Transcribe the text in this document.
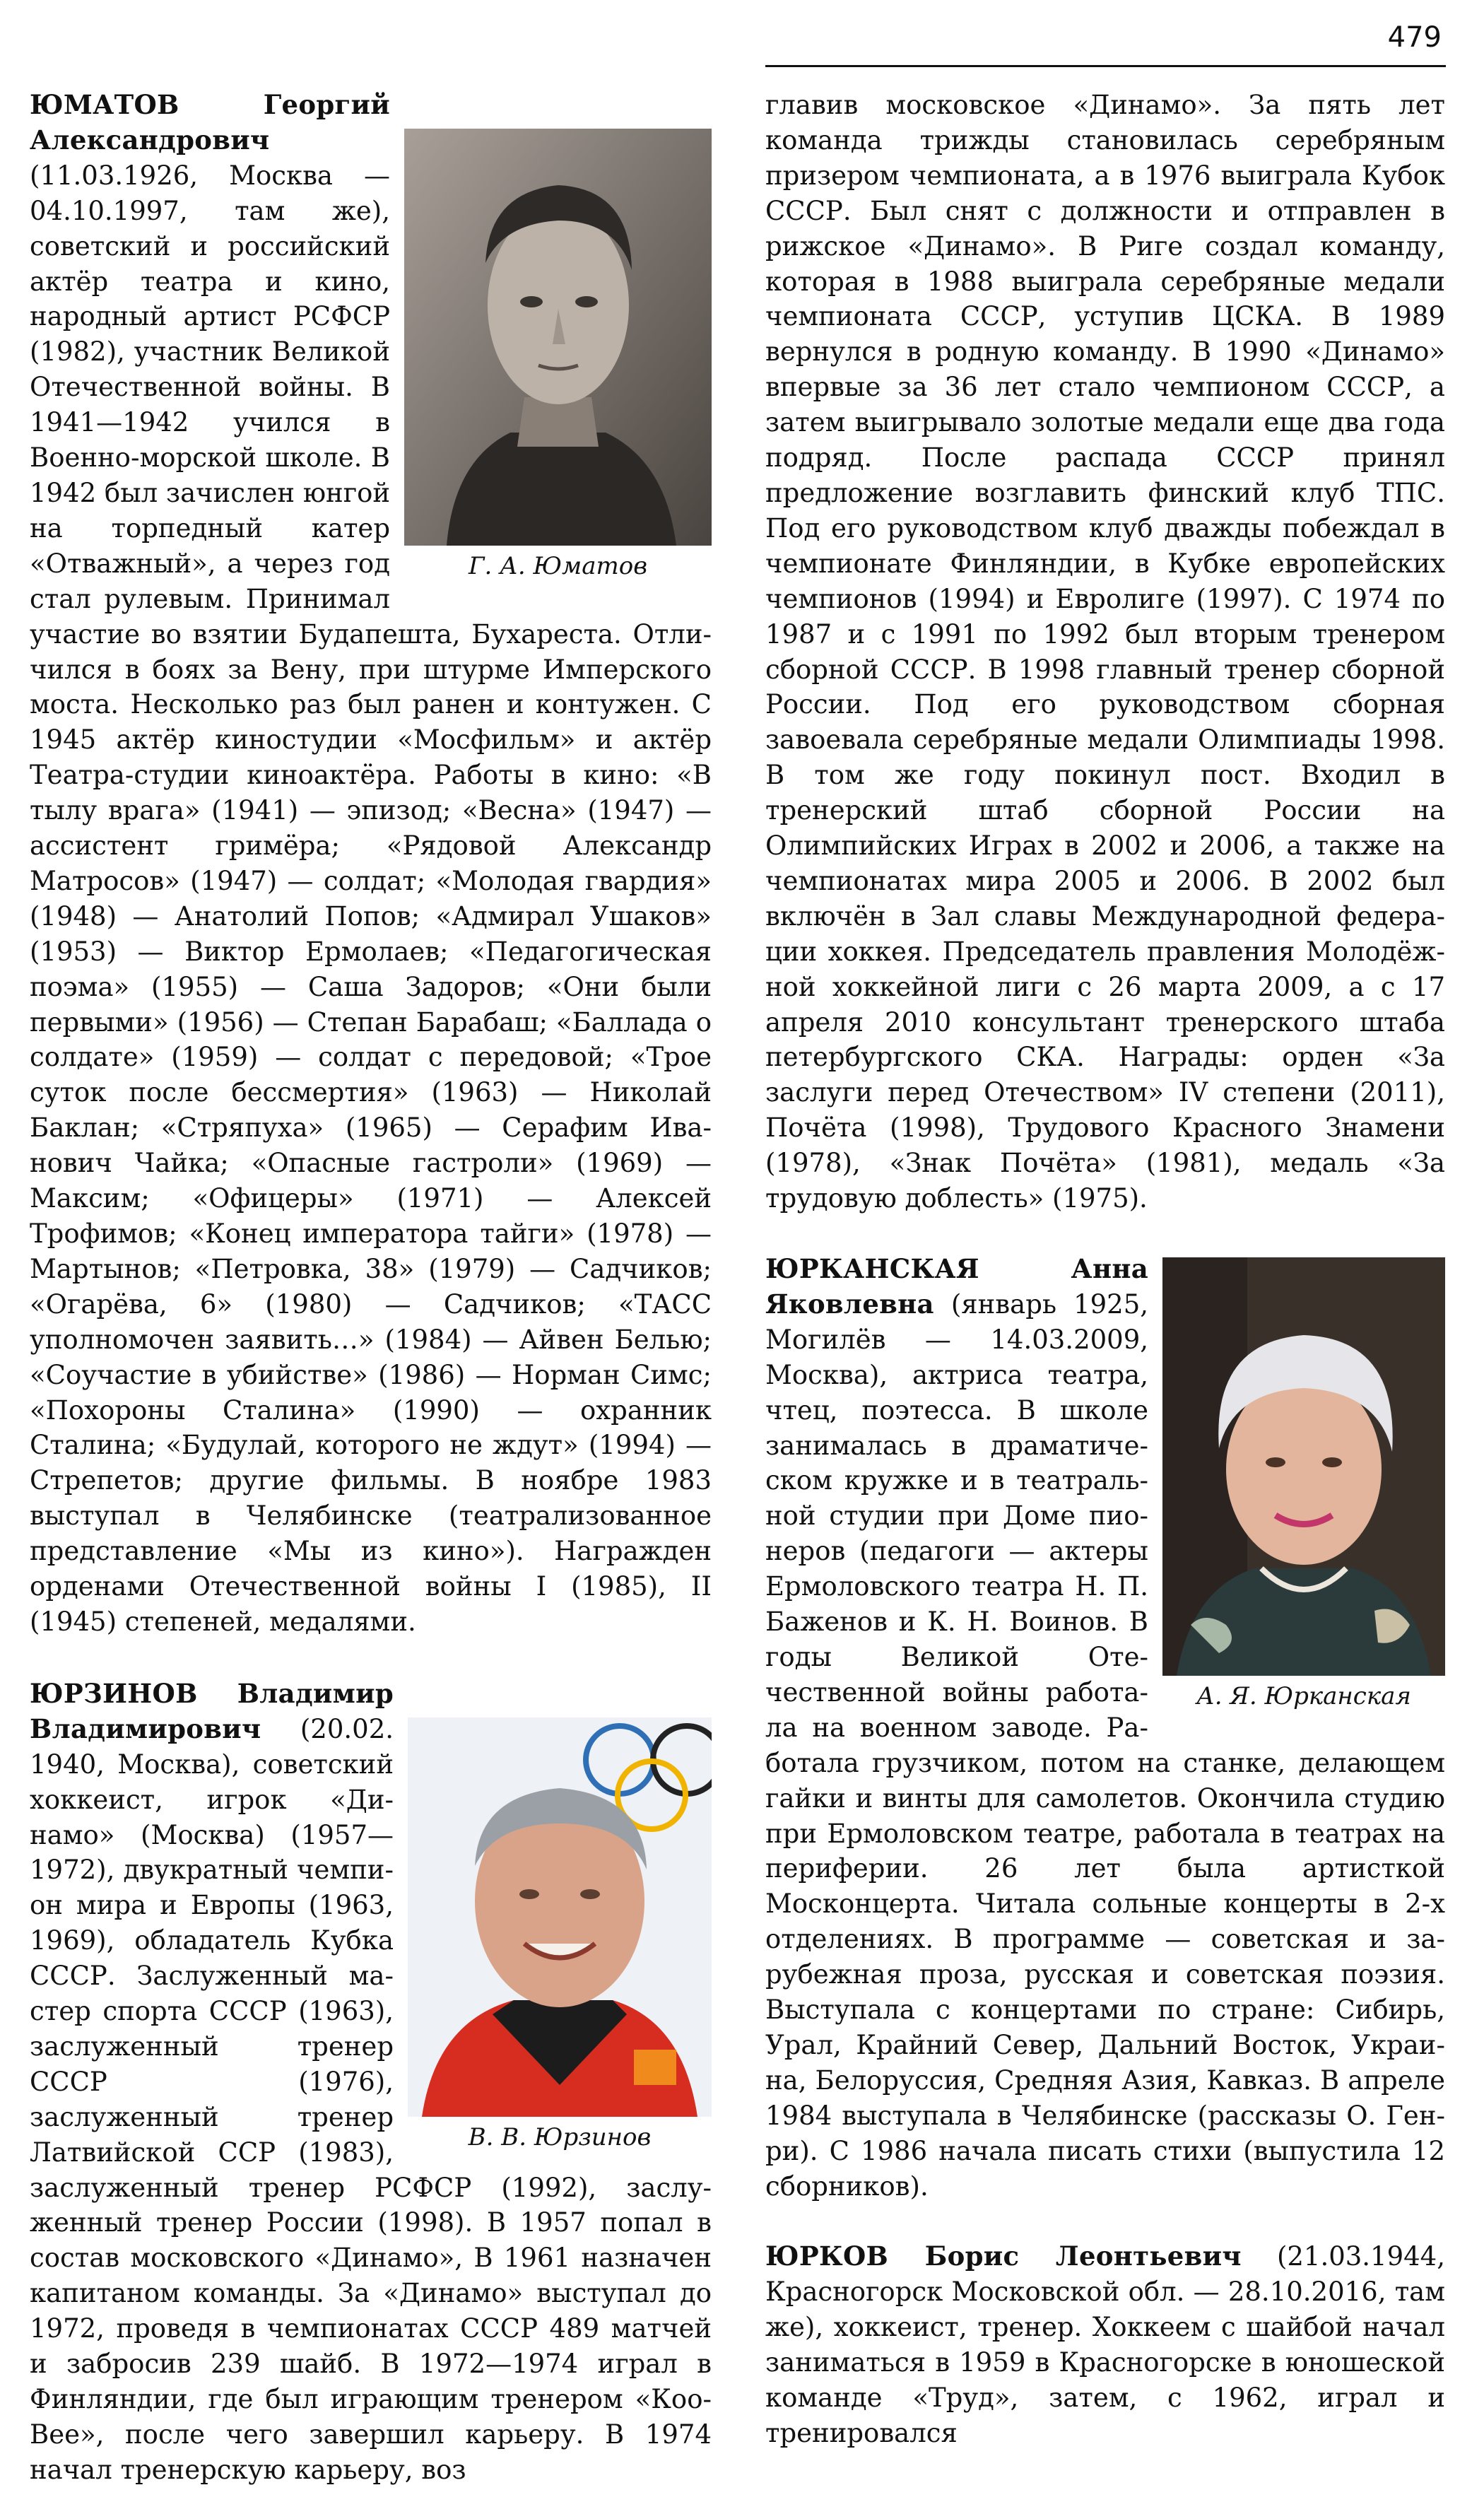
479

Г. А. Юматов
ЮМАТОВ Георгий Александрович (11.03.1926, Москва — 04.10.1997, там же), советский и российский актёр театра и кино, народный артист РСФСР (1982), участник Великой Отечественной войны. В 1941—1942 учился в Военно-морской школе. В 1942 был зачислен юнгой на торпедный катер «Отважный», а через год стал рулевым. Принимал участие во взятии Будапешта, Бухареста. Отличился в боях за Вену, при штурме Имперского моста. Несколько раз был ранен и контужен. С 1945 актёр киностудии «Мосфильм» и актёр Театра-студии киноактёра. Работы в кино: «В тылу врага» (1941) — эпизод; «Весна» (1947) — ассистент гримёра; «Рядовой Александр Матросов» (1947) — солдат; «Молодая гвардия» (1948) — Анатолий Попов; «Адмирал Ушаков» (1953) — Виктор Ермолаев; «Педагогическая поэма» (1955) — Саша Задоров; «Они были первыми» (1956) — Степан Барабаш; «Баллада о солдате» (1959) — солдат с передовой; «Трое суток после бессмертия» (1963) — Николай Баклан; «Стряпуха» (1965) — Серафим Иванович Чайка; «Опасные гастроли» (1969) — Максим; «Офицеры» (1971) — Алексей Трофимов; «Конец императора тайги» (1978) — Мартынов; «Петровка, 38» (1979) — Садчиков; «Огарёва, 6» (1980) — Садчиков; «ТАСС уполномочен заявить…» (1984) — Айвен Белью; «Соучастие в убийстве» (1986) — Норман Симс; «Похороны Сталина» (1990) — охранник Сталина; «Будулай, которого не ждут» (1994) — Стрепетов; другие фильмы. В ноябре 1983 выступал в Челябинске (театрализованное представление «Мы из кино»). Награжден орденами Отечественной войны I (1985), II (1945) степеней, медалями.

В. В. Юрзинов
ЮРЗИНОВ Владимир Владимирович (20.02. 1940, Москва), советский хоккеист, игрок «Динамо» (Москва) (1957—1972), двукратный чемпион мира и Европы (1963, 1969), обладатель Кубка СССР. Заслуженный мастер спорта СССР (1963), заслуженный тренер СССР (1976), заслуженный тренер Латвийской ССР (1983), заслуженный тренер РСФСР (1992), заслуженный тренер России (1998). В 1957 попал в состав московского «Динамо», В 1961 назначен капитаном команды. За «Динамо» выступал до 1972, проведя в чемпионатах СССР 489 матчей и забросив 239 шайб. В 1972—1974 играл в Финляндии, где был играющим тренером «Коо-Вее», после чего завершил карьеру. В 1974 начал тренерскую карьеру, воз

главив московское «Динамо». За пять лет команда трижды становилась серебряным призером чемпионата, а в 1976 выиграла Кубок СССР. Был снят с должности и отправлен в рижское «Динамо». В Риге создал команду, которая в 1988 выиграла серебряные медали чемпионата СССР, уступив ЦСКА. В 1989 вернулся в родную команду. В 1990 «Динамо» впервые за 36 лет стало чемпионом СССР, а затем выигрывало золотые медали еще два года подряд. После распада СССР принял предложение возглавить финский клуб ТПС. Под его руководством клуб дважды побеждал в чемпионате Финляндии, в Кубке европейских чемпионов (1994) и Евролиге (1997). С 1974 по 1987 и с 1991 по 1992 был вторым тренером сборной СССР. В 1998 главный тренер сборной России. Под его руководством сборная завоевала серебряные медали Олимпиады 1998. В том же году покинул пост. Входил в тренерский штаб сборной России на Олимпийских Играх в 2002 и 2006, а также на чемпионатах мира 2005 и 2006. В 2002 был включён в Зал славы Международной федерации хоккея. Председатель правления Молодёжной хоккейной лиги с 26 марта 2009, а с 17 апреля 2010 консультант тренерского штаба петербургского СКА. Награды: орден «За заслуги перед Отечеством» IV степени (2011), Почёта (1998), Трудового Красного Знамени (1978), «Знак Почёта» (1981), медаль «За трудовую доблесть» (1975).

А. Я. Юрканская
ЮРКАНСКАЯ Анна Яковлевна (январь 1925, Могилёв — 14.03.2009, Москва), актриса театра, чтец, поэтесса. В школе занималась в драматическом кружке и в театральной студии при Доме пионеров (педагоги — актеры Ермоловского театра Н. П. Баженов и К. Н. Воинов. В годы Великой Отечественной войны работала на военном заводе. Работала грузчиком, потом на станке, делающем гайки и винты для самолетов. Окончила студию при Ермоловском театре, работала в театрах на периферии. 26 лет была артисткой Москонцерта. Читала сольные концерты в 2-х отделениях. В программе — советская и зарубежная проза, русская и советская поэзия. Выступала с концертами по стране: Сибирь, Урал, Крайний Север, Дальний Восток, Украина, Белоруссия, Средняя Азия, Кавказ. В апреле 1984 выступала в Челябинске (рассказы О. Генри). С 1986 начала писать стихи (выпустила 12 сборников).

ЮРКОВ Борис Леонтьевич (21.03.1944, Красногорск Московской обл. — 28.10.2016, там же), хоккеист, тренер. Хоккеем с шайбой начал заниматься в 1959 в Красногорске в юношеской команде «Труд», затем, с 1962, играл и тренировался
